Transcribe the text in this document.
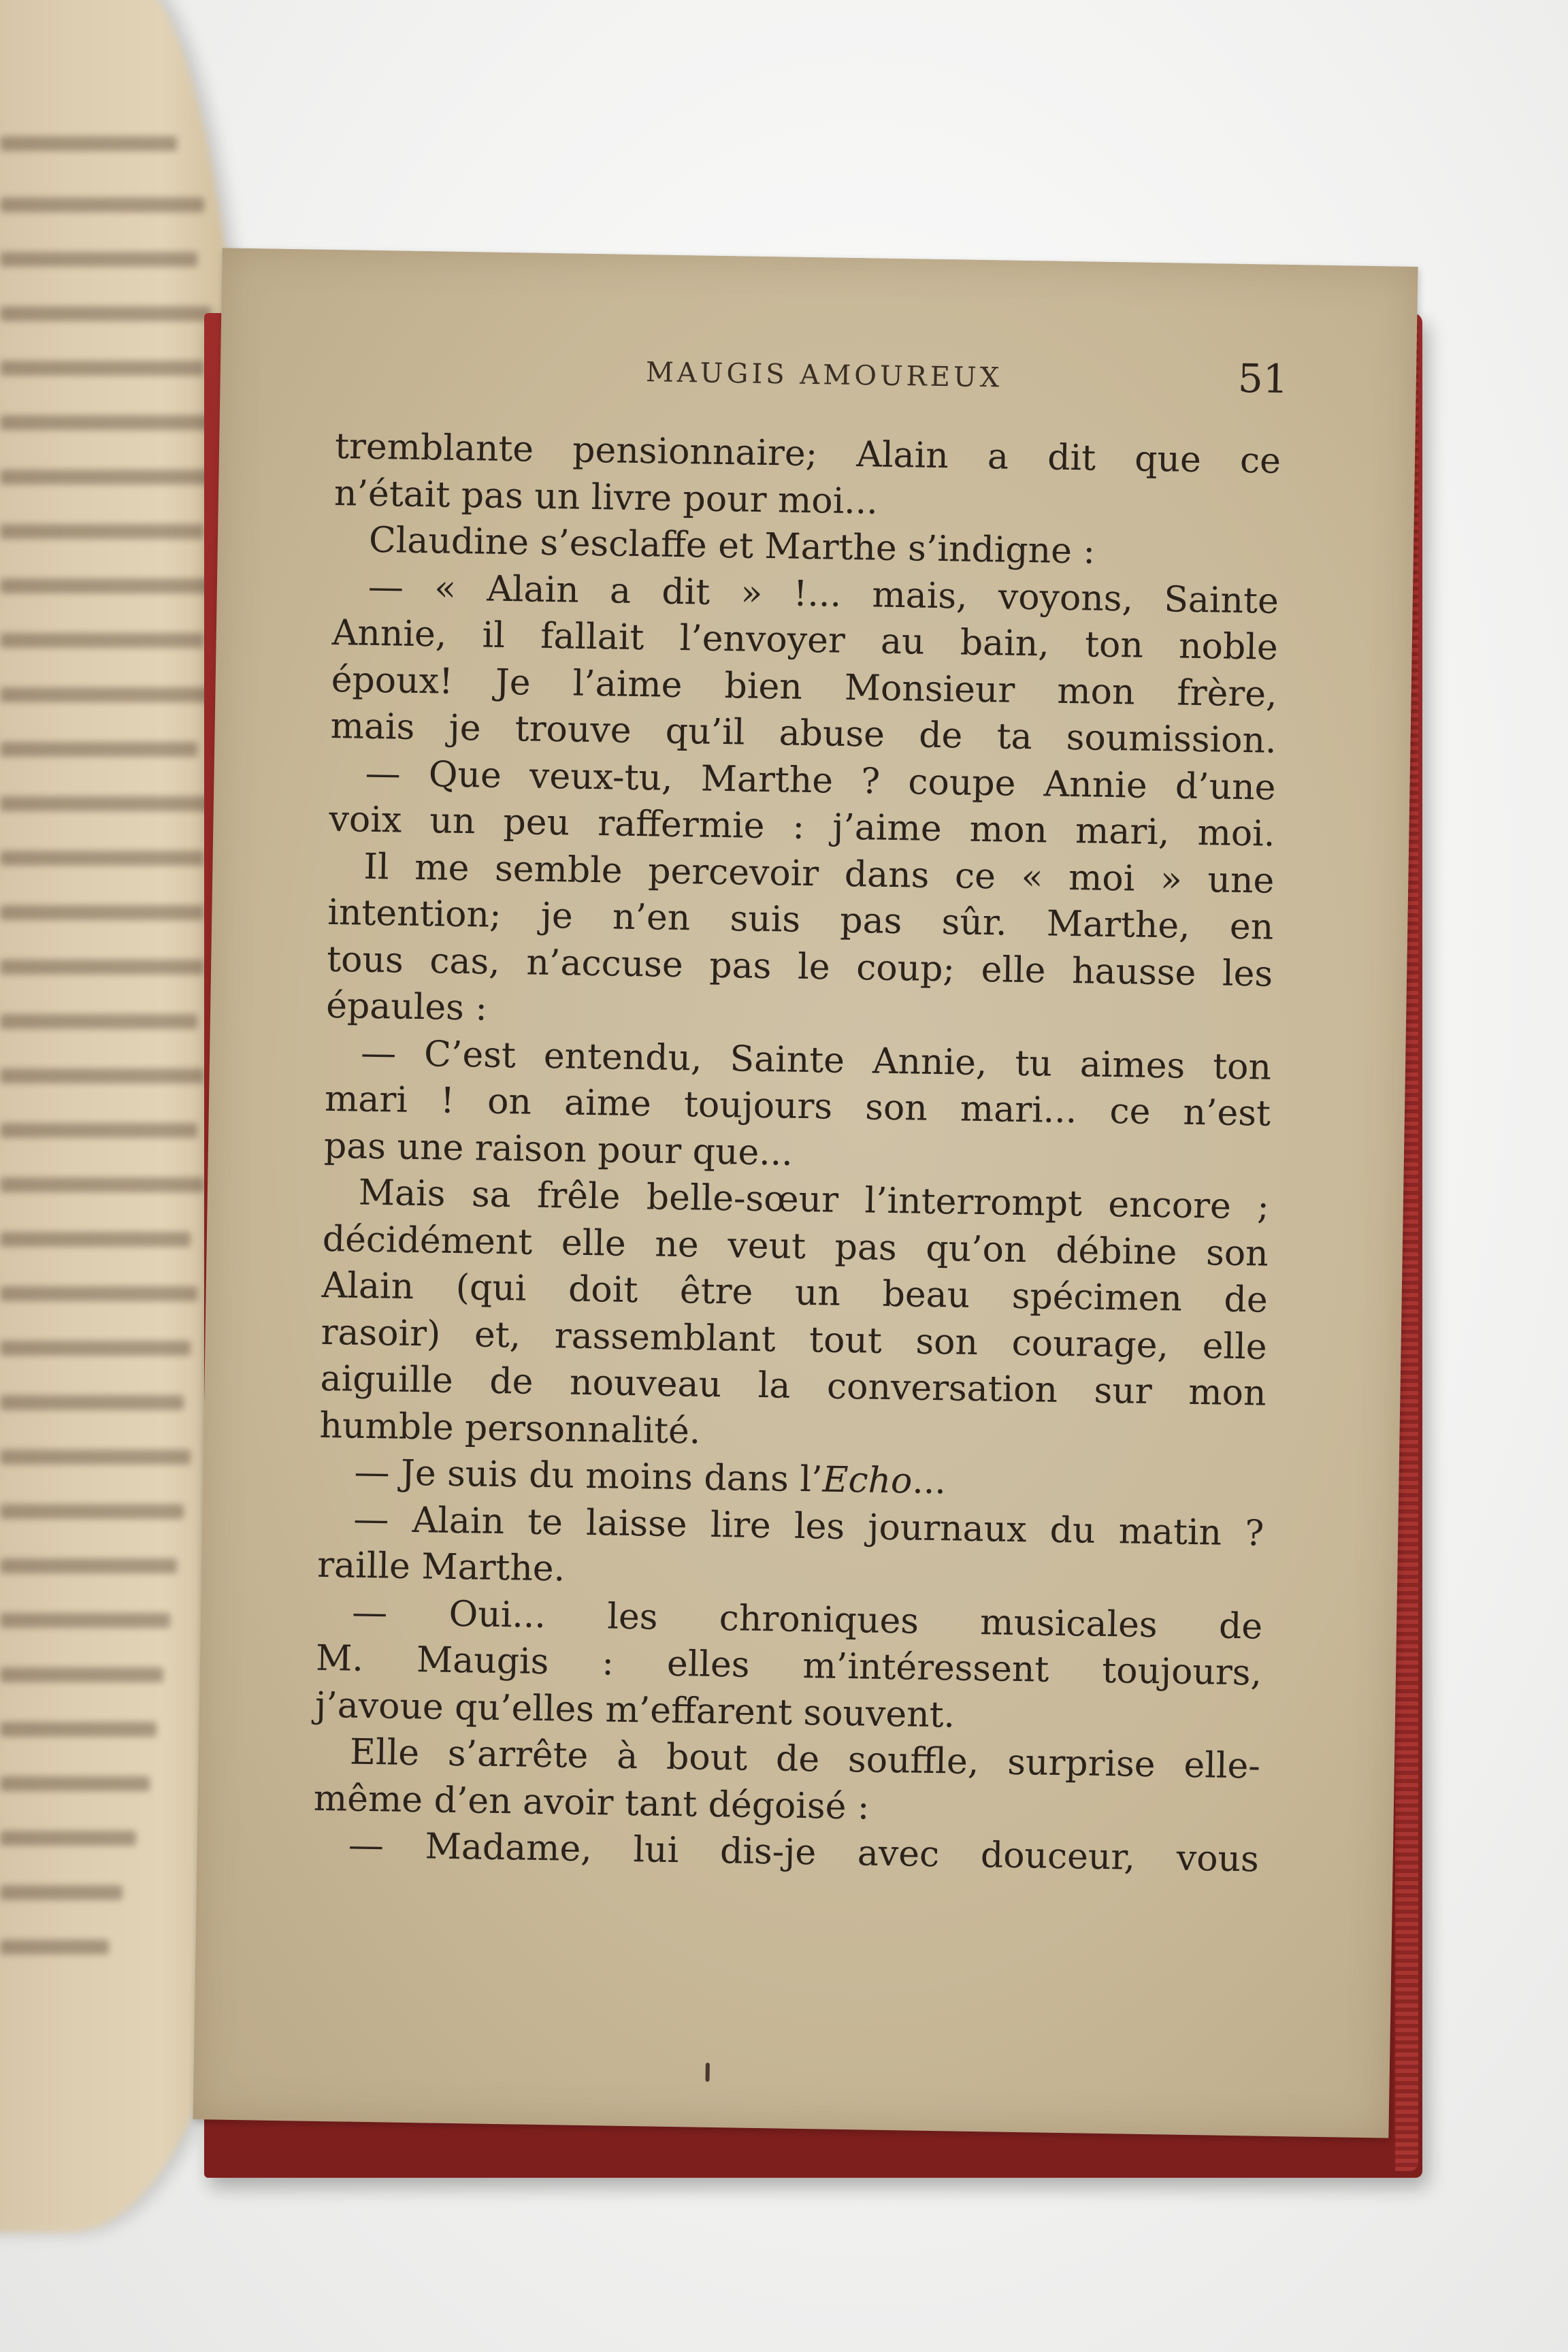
MAUGIS AMOUREUX	51
tremblante pensionnaire; Alain a dit que ce
n’était pas un livre pour moi...
Claudine s’esclaffe et Marthe s’indigne :
— « Alain a dit » !... mais, voyons, Sainte
Annie, il fallait l’envoyer au bain, ton noble
époux! Je l’aime bien Monsieur mon frère,
mais je trouve qu’il abuse de ta soumission.
— Que veux-tu, Marthe ? coupe Annie d’une
voix un peu raffermie : j’aime mon mari, moi.
Il me semble percevoir dans ce « moi » une
intention; je n’en suis pas sûr. Marthe, en
tous cas, n’accuse pas le coup; elle hausse les
épaules :
— C’est entendu, Sainte Annie, tu aimes ton
mari ! on aime toujours son mari... ce n’est
pas une raison pour que...
Mais sa frêle belle-sœur l’interrompt encore ;
décidément elle ne veut pas qu’on débine son
Alain (qui doit être un beau spécimen de
rasoir) et, rassemblant tout son courage, elle
aiguille de nouveau la conversation sur mon
humble personnalité.
— Je suis du moins dans l’Echo...
— Alain te laisse lire les journaux du matin ?
raille Marthe.
— Oui... les chroniques musicales de
M. Maugis : elles m’intéressent toujours,
j’avoue qu’elles m’effarent souvent.
Elle s’arrête à bout de souffle, surprise elle-
même d’en avoir tant dégoisé :
— Madame, lui dis-je avec douceur, vous
